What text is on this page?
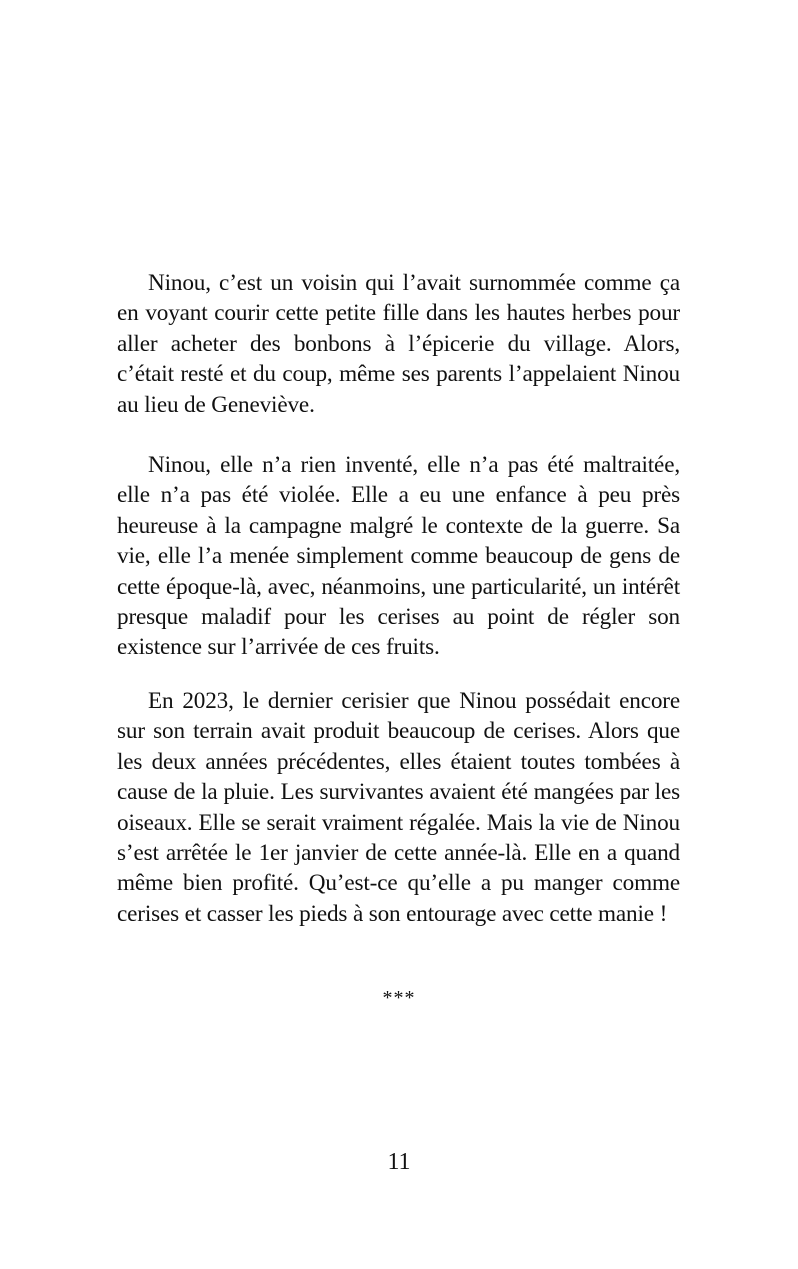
Ninou, c’est un voisin qui l’avait surnommée comme ça en voyant courir cette petite fille dans les hautes herbes pour aller acheter des bonbons à l’épicerie du village. Alors, c’était resté et du coup, même ses parents l’appelaient Ninou au lieu de Geneviève.

Ninou, elle n’a rien inventé, elle n’a pas été maltraitée, elle n’a pas été violée. Elle a eu une enfance à peu près heureuse à la campagne malgré le contexte de la guerre. Sa vie, elle l’a menée simplement comme beaucoup de gens de cette époque-là, avec, néanmoins, une particularité, un intérêt presque maladif pour les cerises au point de régler son existence sur l’arrivée de ces fruits.

En 2023, le dernier cerisier que Ninou possédait encore sur son terrain avait produit beaucoup de cerises. Alors que les deux années précédentes, elles étaient toutes tombées à cause de la pluie. Les survivantes avaient été mangées par les oiseaux. Elle se serait vraiment régalée. Mais la vie de Ninou s’est arrêtée le 1er janvier de cette année-là. Elle en a quand même bien profité. Qu’est-ce qu’elle a pu manger comme cerises et casser les pieds à son entourage avec cette manie !

***
11
